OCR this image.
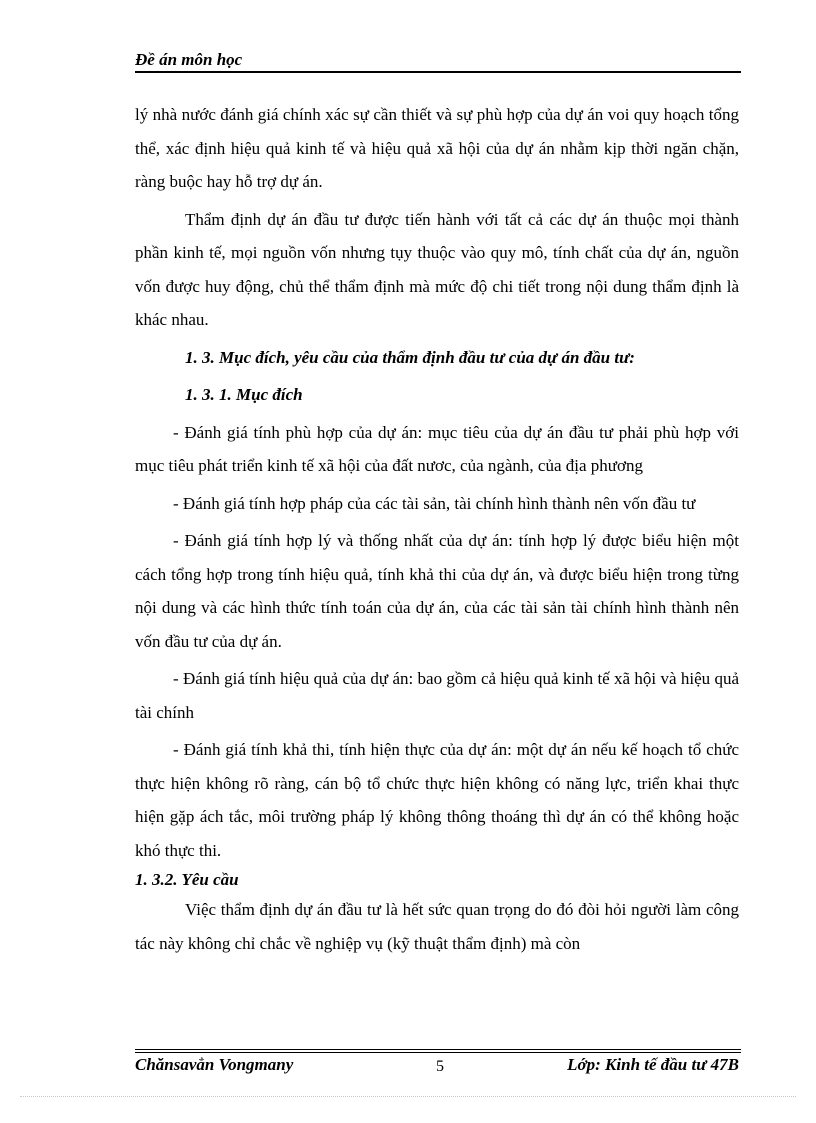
Đề án môn học

lý nhà nước đánh giá chính xác sự cần thiết và sự phù hợp của dự án voi quy hoạch tổng thể, xác định hiệu quả kinh tế và hiệu quả xã hội của dự án nhằm kịp thời ngăn chặn, ràng buộc hay hỗ trợ dự án.

Thẩm định dự án đầu tư được tiến hành với tất cả các dự án thuộc mọi thành phần kinh tế, mọi nguồn vốn nhưng tụy thuộc vào quy mô, tính chất của dự án, nguồn vốn được huy động, chủ thể thẩm định mà mức độ chi tiết trong nội dung thẩm định là khác nhau.

1. 3. Mục đích, yêu cầu của thẩm định đầu tư của dự án đầu tư:

1. 3. 1. Mục đích

- Đánh giá tính phù hợp của dự án: mục tiêu của dự án đầu tư phải phù hợp với mục tiêu phát triển kinh tế xã hội của đất nươc, của ngành, của địa phương

- Đánh giá tính hợp pháp của các tài sản, tài chính hình thành nên vốn đầu tư

- Đánh giá tính hợp lý và thống nhất của dự án: tính hợp lý được biểu hiện một cách tổng hợp trong tính hiệu quả, tính khả thi của dự án, và được biểu hiện trong từng nội dung và các hình thức tính toán của dự án, của các tài sản tài chính hình thành nên vốn đầu tư của dự án.

- Đánh giá tính hiệu quả của dự án: bao gồm cả hiệu quả kinh tế xã hội và hiệu quả tài chính

- Đánh giá tính khả thi, tính hiện thực của dự án: một dự án nếu kế hoạch tổ chức thực hiện không rõ ràng, cán bộ tổ chức thực hiện không có năng lực, triển khai thực hiện gặp ách tắc, môi trường pháp lý không thông thoáng thì dự án có thể không hoặc khó thực thi.

1. 3.2. Yêu cầu

Việc thẩm định dự án đầu tư là hết sức quan trọng do đó đòi hỏi người làm công tác này không chỉ chắc về nghiệp vụ (kỹ thuật thẩm định) mà còn

Chănsavẳn Vongmany	5	Lớp: Kinh tế đầu tư 47B
